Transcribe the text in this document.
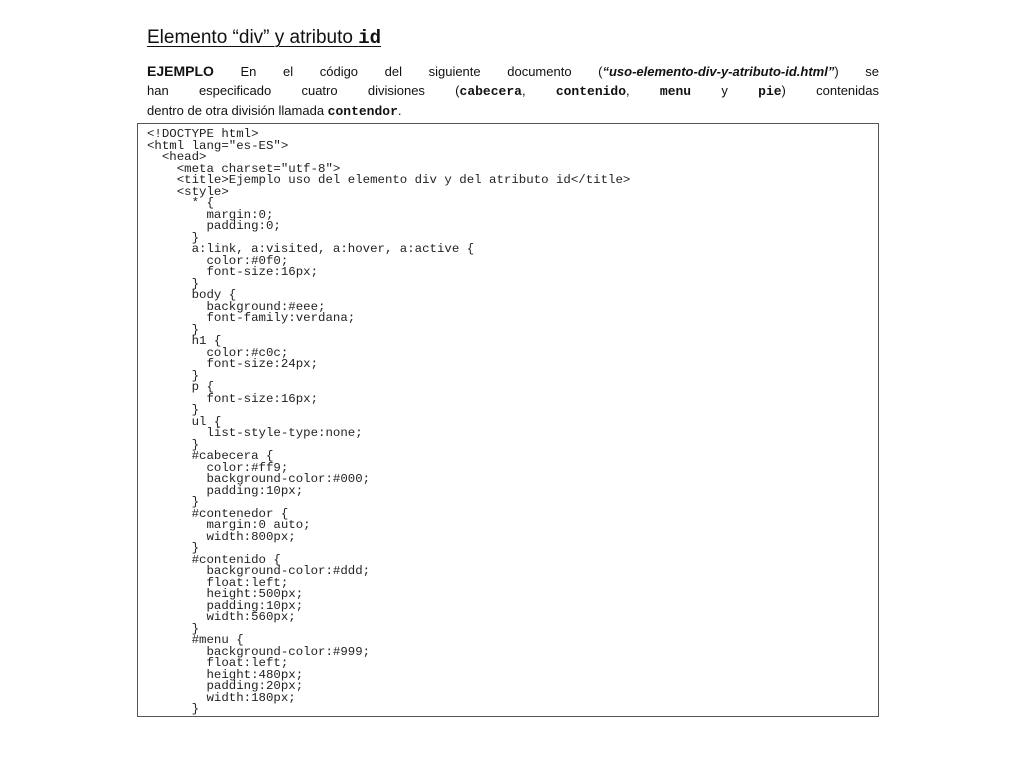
Elemento “div” y atributo id
EJEMPLO En el código del siguiente documento (“uso-elemento-div-y-atributo-id.html”) se
han especificado cuatro divisiones (cabecera, contenido, menu y pie) contenidas
dentro de otra división llamada contendor.
<!DOCTYPE html>
<html lang="es-ES">
<head>
<meta charset="utf-8">
<title>Ejemplo uso del elemento div y del atributo id</title>
<style>
* {
margin:0;
padding:0;
}
a:link, a:visited, a:hover, a:active {
color:#0f0;
font-size:16px;
}
body {
background:#eee;
font-family:verdana;
}
h1 {
color:#c0c;
font-size:24px;
}
p {
font-size:16px;
}
ul {
list-style-type:none;
}
#cabecera {
color:#ff9;
background-color:#000;
padding:10px;
}
#contenedor {
margin:0 auto;
width:800px;
}
#contenido {
background-color:#ddd;
float:left;
height:500px;
padding:10px;
width:560px;
}
#menu {
background-color:#999;
float:left;
height:480px;
padding:20px;
width:180px;
}
